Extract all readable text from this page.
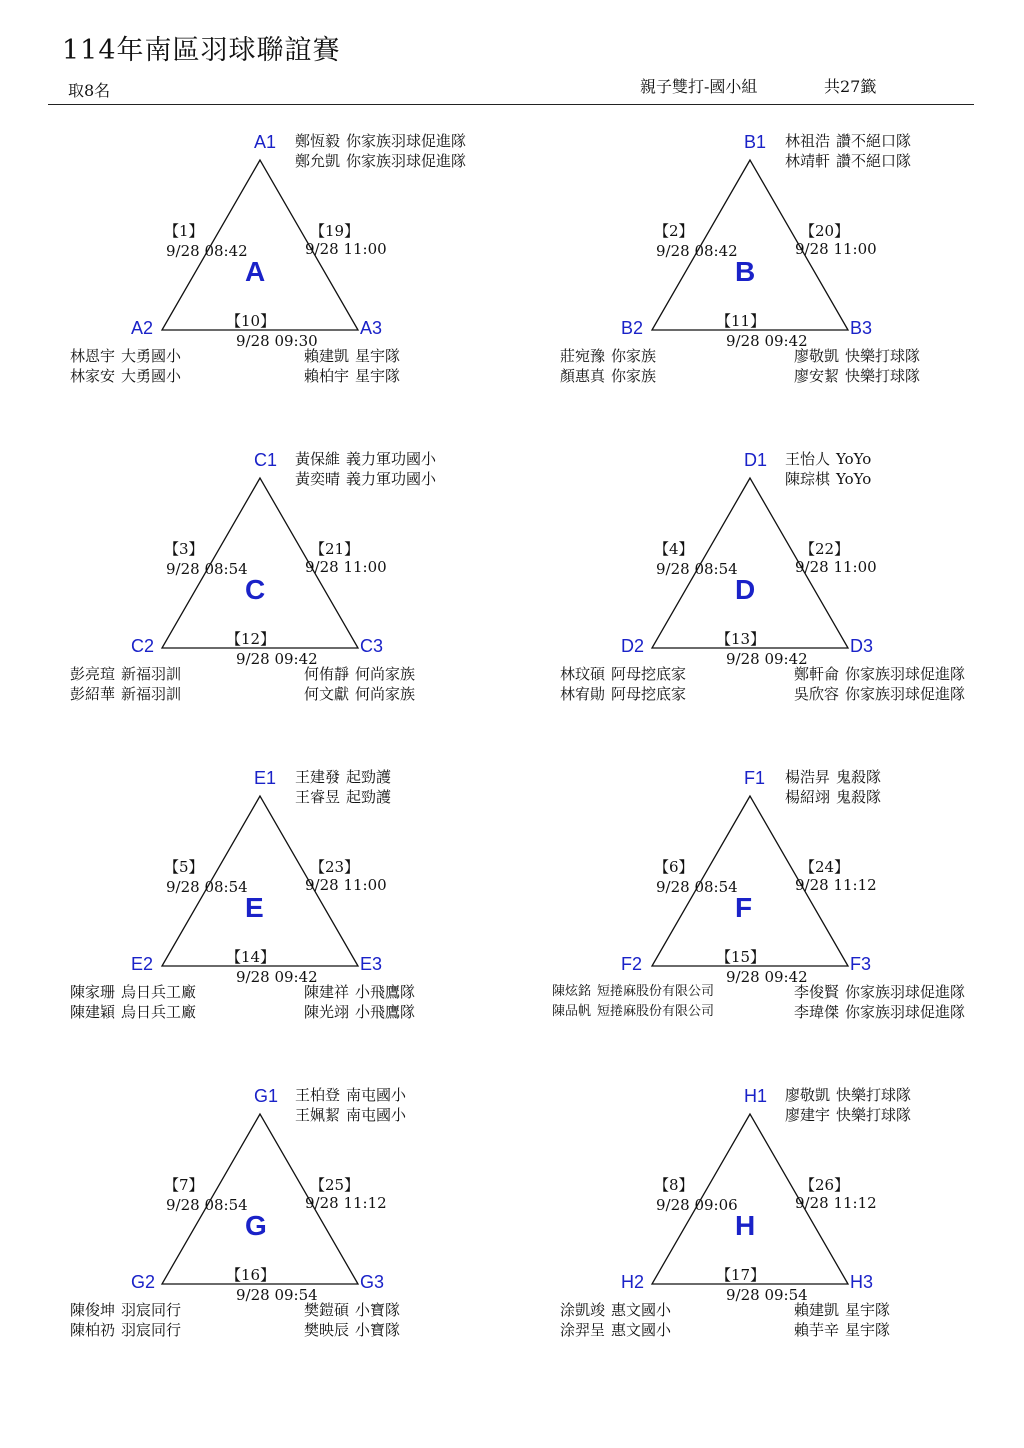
114年南區羽球聯誼賽
取8名	親子雙打-國小組	共27籤
A1
A2	A3
A
【1】
9/28 08:42
【19】
9/28 11:00
【10】
9/28 09:30
鄭恆毅 你家族羽球促進隊
鄭允凱 你家族羽球促進隊
林恩宇 大勇國小
林家安 大勇國小
賴建凱 星宇隊
賴柏宇 星宇隊
B1
B2	B3
B
【2】
9/28 08:42
【20】
9/28 11:00
【11】
9/28 09:42
林祖浩 讚不絕口隊
林靖軒 讚不絕口隊
莊宛豫 你家族
顏惠真 你家族
廖敬凱 快樂打球隊
廖安絜 快樂打球隊
C1
C2	C3
C
【3】
9/28 08:54
【21】
9/28 11:00
【12】
9/28 09:42
黃保維 義力軍功國小
黃奕晴 義力軍功國小
彭亮瑄 新福羽訓
彭紹華 新福羽訓
何侑靜 何尚家族
何文獻 何尚家族
D1
D2	D3
D
【4】
9/28 08:54
【22】
9/28 11:00
【13】
9/28 09:42
王怡人 YoYo
陳琮棋 YoYo
林玟碩 阿母挖底家
林宥勛 阿母挖底家
鄭軒侖 你家族羽球促進隊
吳欣容 你家族羽球促進隊
E1
E2	E3
E
【5】
9/28 08:54
【23】
9/28 11:00
【14】
9/28 09:42
王建發 起勁護
王睿昱 起勁護
陳家珊 烏日兵工廠
陳建穎 烏日兵工廠
陳建祥 小飛鷹隊
陳光翊 小飛鷹隊
F1
F2	F3
F
【6】
9/28 08:54
【24】
9/28 11:12
【15】
9/28 09:42
楊浩昇 鬼殺隊
楊紹翊 鬼殺隊
陳炫銘 短捲麻股份有限公司
陳品帆 短捲麻股份有限公司
李俊賢 你家族羽球促進隊
李瑋傑 你家族羽球促進隊
G1
G2	G3
G
【7】
9/28 08:54
【25】
9/28 11:12
【16】
9/28 09:54
王柏登 南屯國小
王姵絜 南屯國小
陳俊坤 羽宸同行
陳柏礽 羽宸同行
樊鎧碩 小寶隊
樊映辰 小寶隊
H1
H2	H3
H
【8】
9/28 09:06
【26】
9/28 11:12
【17】
9/28 09:54
廖敬凱 快樂打球隊
廖建宇 快樂打球隊
涂凱竣 惠文國小
涂羿呈 惠文國小
賴建凱 星宇隊
賴芋辛 星宇隊
